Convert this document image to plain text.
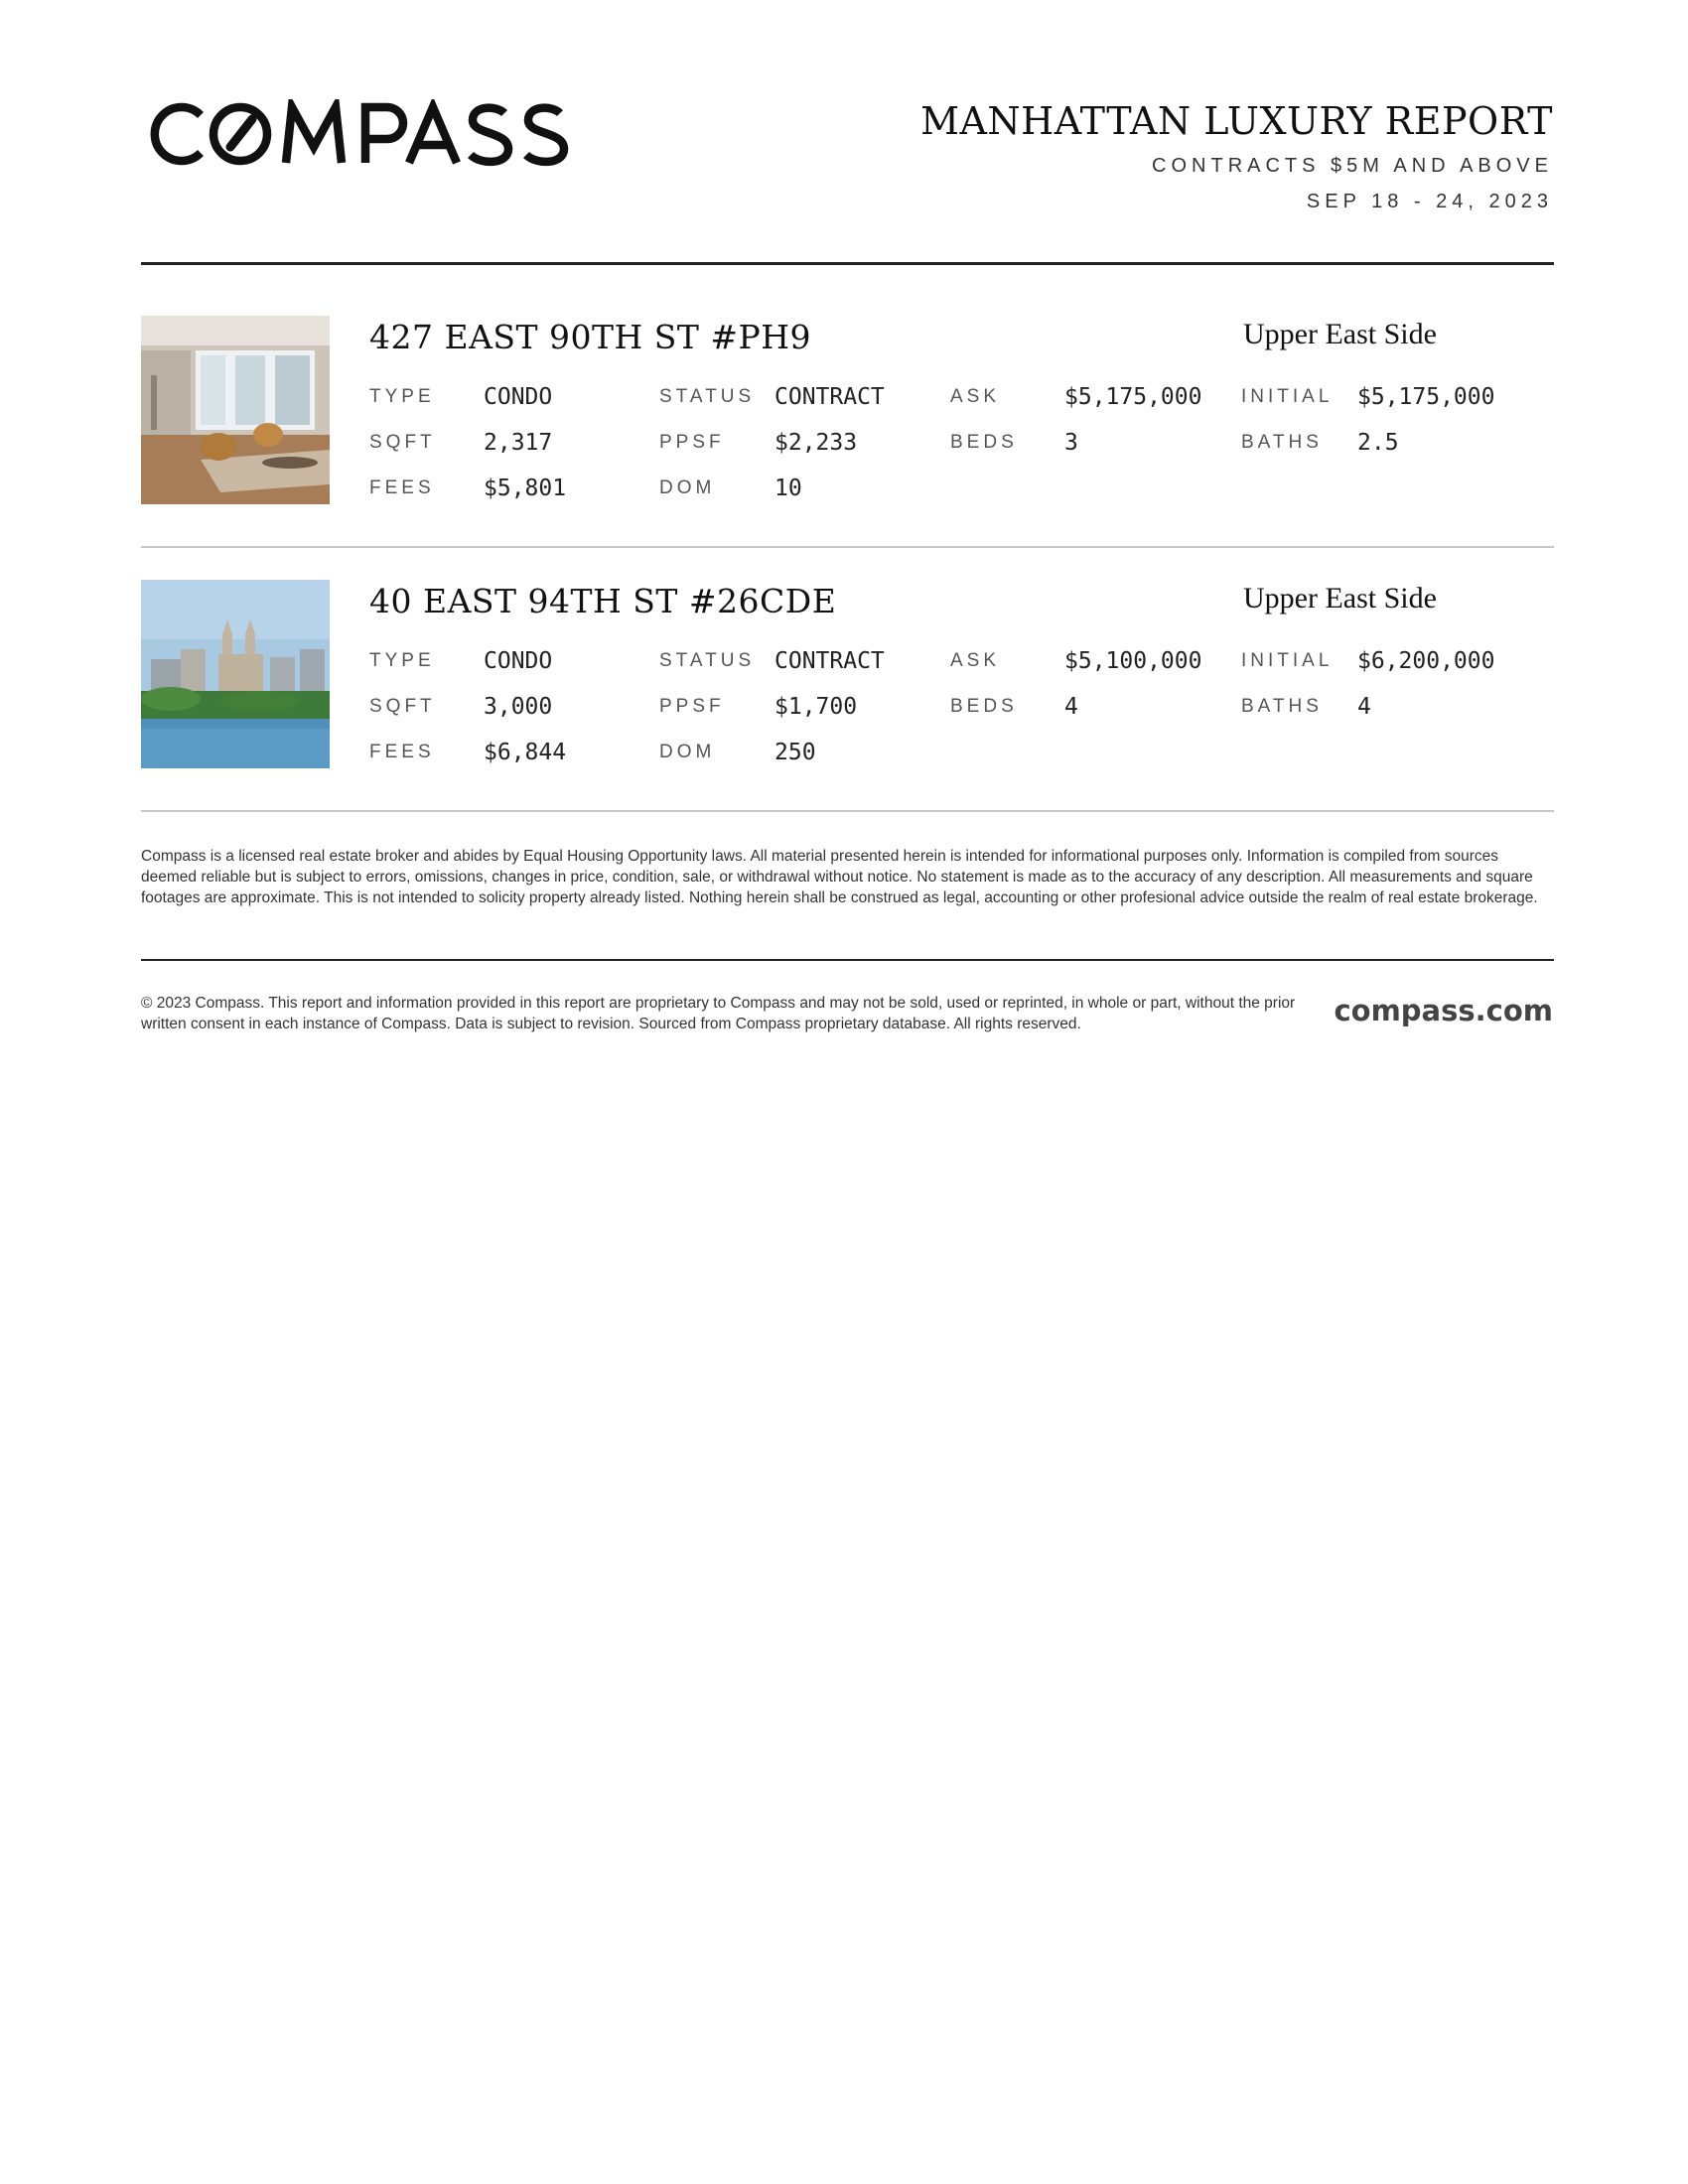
MANHATTAN LUXURY REPORT
CONTRACTS $5M AND ABOVE
SEP 18 - 24, 2023
427 EAST 90TH ST #PH9	Upper East Side
TYPE CONDO	STATUS CONTRACT	ASK	$5,175,000 INITIAL $5,175,000
SQFT 2,317	PPSF $2,233	BEDS 3	BATHS 2.5
FEES $5,801	DOM	10
40 EAST 94TH ST #26CDE	Upper East Side
TYPE CONDO	STATUS CONTRACT	ASK	$5,100,000 INITIAL $6,200,000
SQFT 3,000	PPSF $1,700	BEDS 4	BATHS 4
FEES $6,844	DOM	250
Compass is a licensed real estate broker and abides by Equal Housing Opportunity laws. All material presented herein is intended for informational purposes only. Information is compiled from sources deemed reliable but is subject to errors, omissions, changes in price, condition, sale, or withdrawal without notice. No statement is made as to the accuracy of any description. All measurements and square footages are approximate. This is not intended to solicity property already listed. Nothing herein shall be construed as legal, accounting or other profesional advice outside the realm of real estate brokerage.
© 2023 Compass. This report and information provided in this report are proprietary to Compass and may not be sold, used or reprinted, in whole or part, without the prior written consent in each instance of Compass. Data is subject to revision. Sourced from Compass proprietary database. All rights reserved.	compass.com
